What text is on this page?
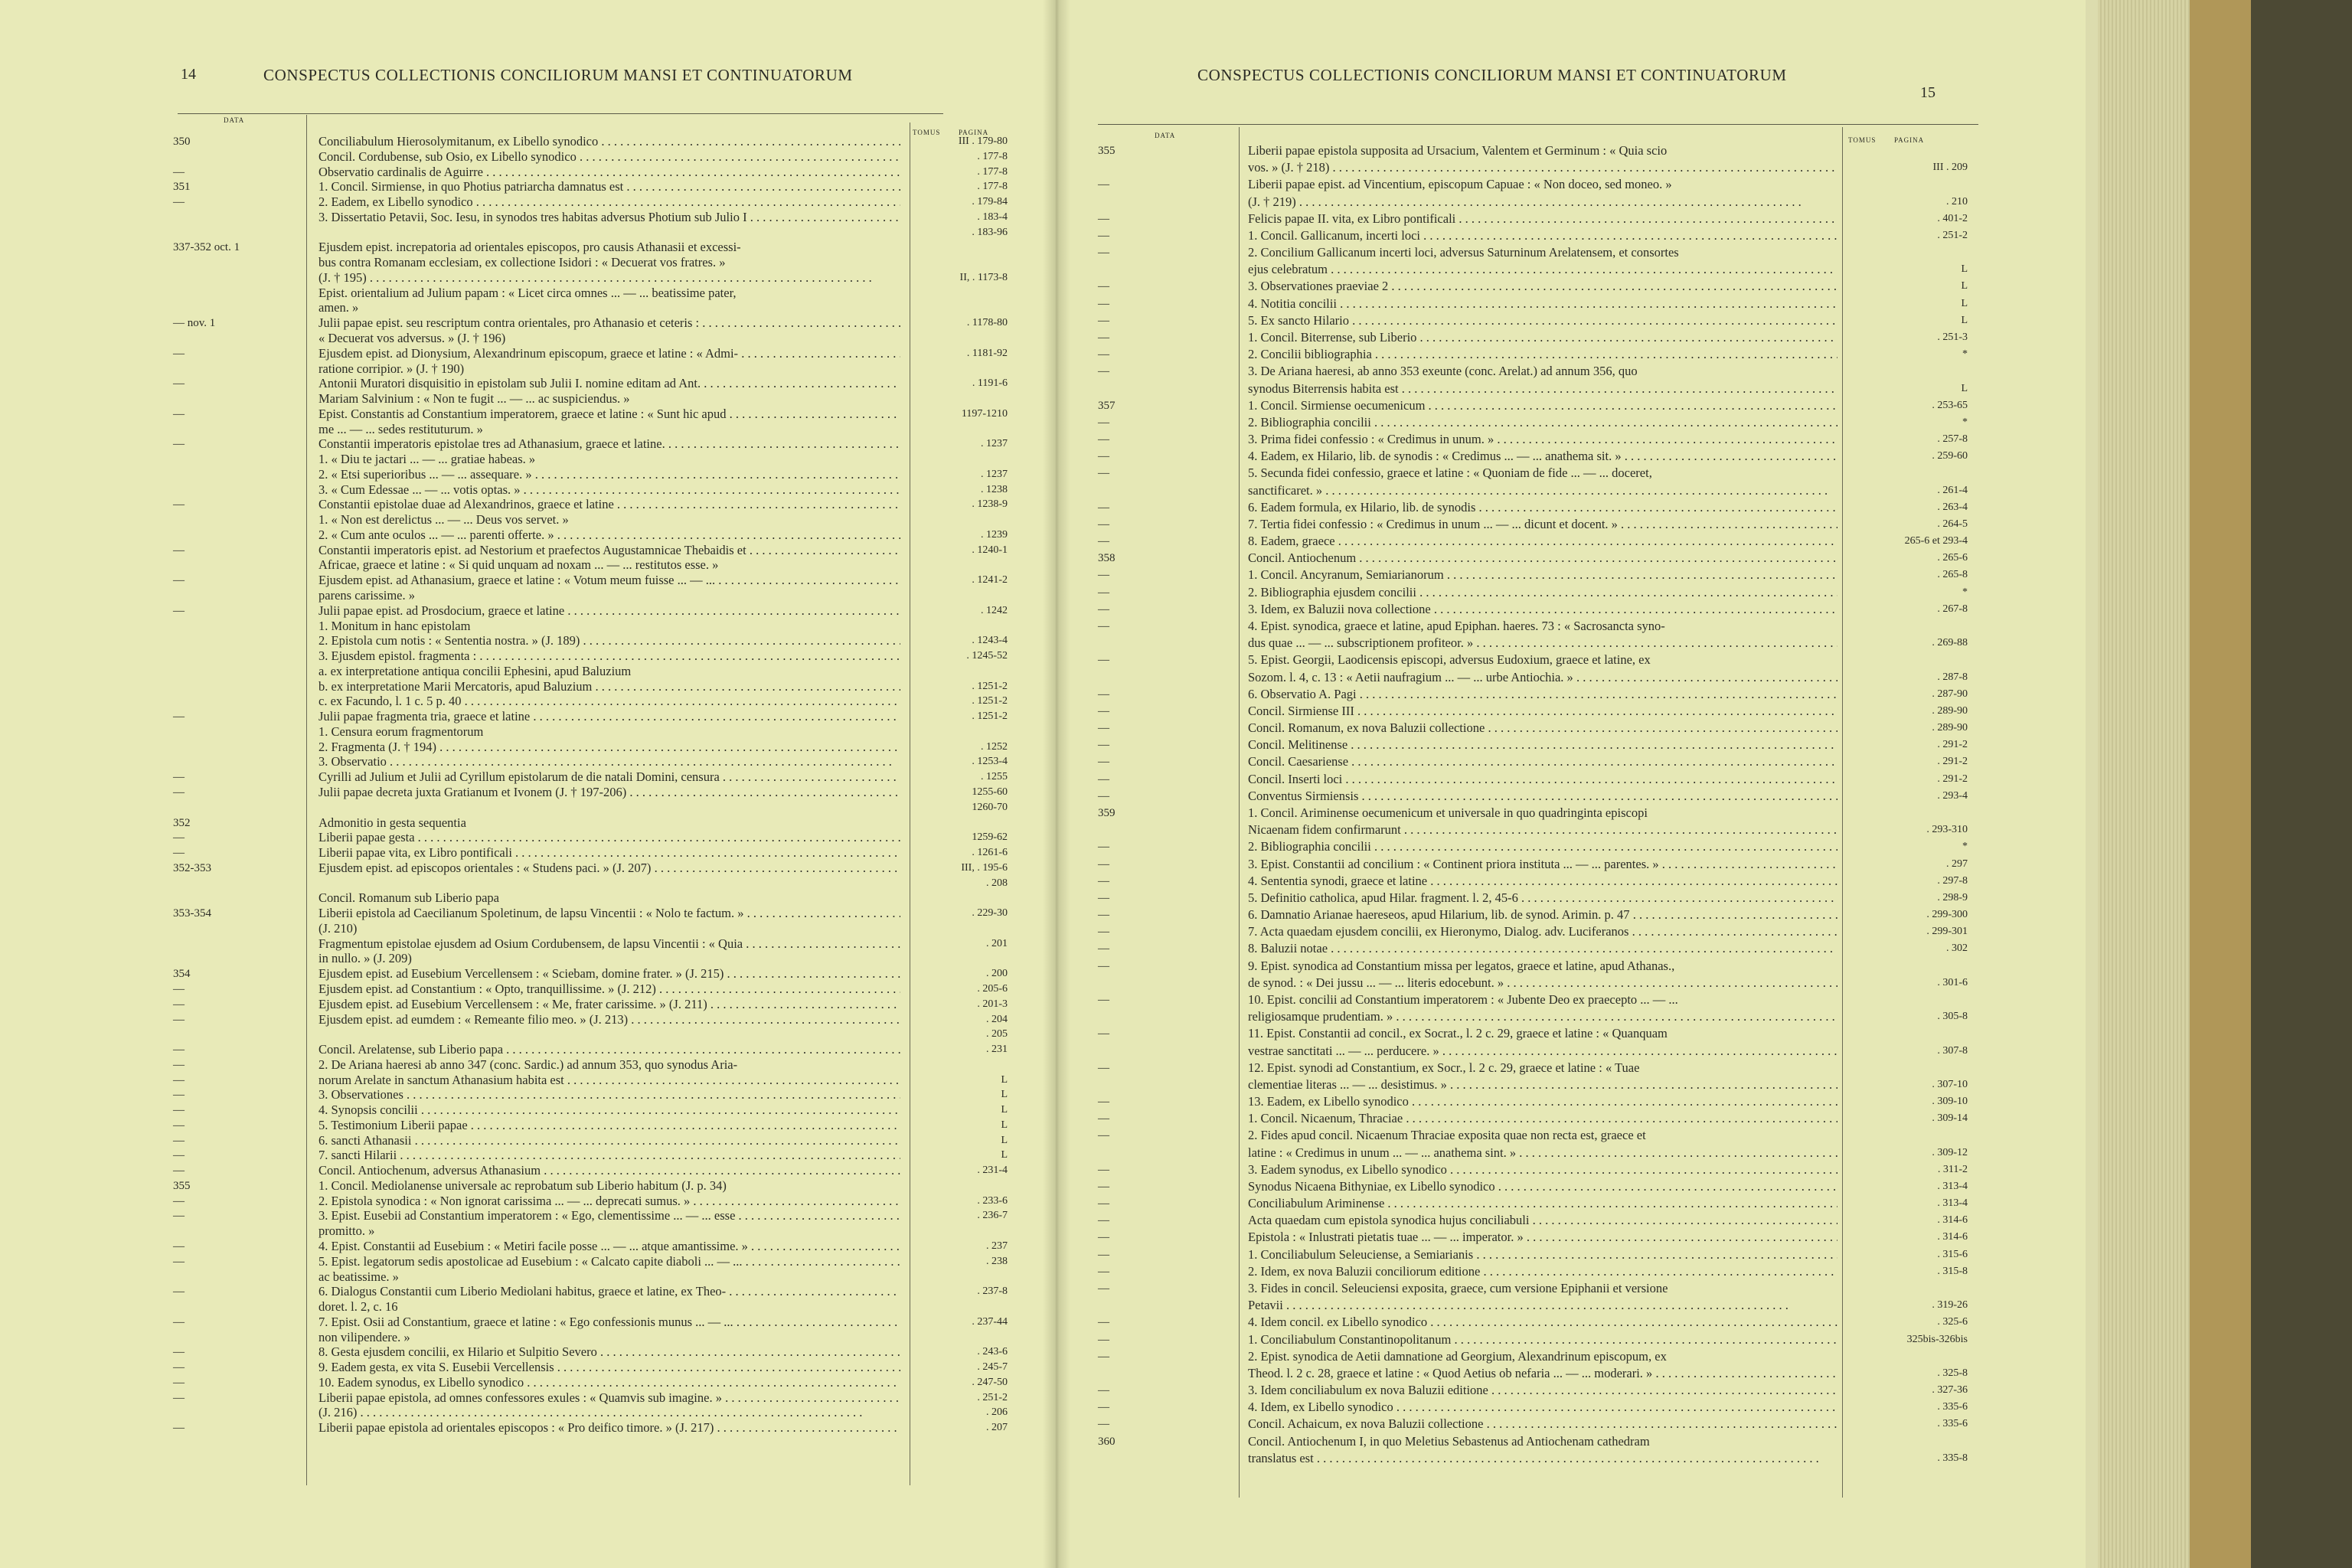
14	CONSPECTUS COLLECTIONIS CONCILIORUM MANSI ET CONTINUATORUM
DATA
TOMUS	PAGINA
350	Conciliabulum Hierosolymitanum, ex Libello synodico . . .	III . 179-80
Concil. Cordubense, sub Osio, ex Libello synodico . . .	. 177-8
—	Observatio cardinalis de Aguirre . . .	. 177-8
351	1. Concil. Sirmiense, in quo Photius patriarcha damnatus est . . .	. 177-8
—	2. Eadem, ex Libello synodico . . .	. 179-84
3. Dissertatio Petavii, Soc. Iesu, in synodos tres habitas adversus Photium sub Julio I . . .	. 183-4
. 183-96
337-352 oct. 1	Ejusdem epist. increpatoria ad orientales episcopos, pro causis Athanasii et excessi-
bus contra Romanam ecclesiam, ex collectione Isidori : « Decuerat vos fratres. »
(J. † 195) . . .	II, . 1173-8
Epist. orientalium ad Julium papam : « Licet circa omnes ... — ... beatissime pater,
amen. »
— nov. 1	Julii papae epist. seu rescriptum contra orientales, pro Athanasio et ceteris : . . .	. 1178-80
« Decuerat vos adversus. » (J. † 196)
—	Ejusdem epist. ad Dionysium, Alexandrinum episcopum, graece et latine : « Admi- . . .	. 1181-92
ratione corripior. » (J. † 190)
—	Antonii Muratori disquisitio in epistolam sub Julii I. nomine editam ad Ant. . . .	. 1191-6
Mariam Salvinium : « Non te fugit ... — ... ac suspiciendus. »
—	Epist. Constantis ad Constantium imperatorem, graece et latine : « Sunt hic apud . . .	1197-1210
me ... — ... sedes restituturum. »
—	Constantii imperatoris epistolae tres ad Athanasium, graece et latine. . . .	. 1237
1. « Diu te jactari ... — ... gratiae habeas. »
2. « Etsi superioribus ... — ... assequare. » . . .	. 1237
3. « Cum Edessae ... — ... votis optas. » . . .	. 1238
—	Constantii epistolae duae ad Alexandrinos, graece et latine . . .	. 1238-9
1. « Non est derelictus ... — ... Deus vos servet. »
2. « Cum ante oculos ... — ... parenti offerte. » . . .	. 1239
—	Constantii imperatoris epist. ad Nestorium et praefectos Augustamnicae Thebaidis et . . .	. 1240-1
Africae, graece et latine : « Si quid unquam ad noxam ... — ... restitutos esse. »
—	Ejusdem epist. ad Athanasium, graece et latine : « Votum meum fuisse ... — ... . . .	. 1241-2
parens carissime. »
—	Julii papae epist. ad Prosdocium, graece et latine . . .	. 1242
1. Monitum in hanc epistolam
2. Epistola cum notis : « Sententia nostra. » (J. 189) . . .	. 1243-4
3. Ejusdem epistol. fragmenta : . . .	. 1245-52
a. ex interpretatione antiqua concilii Ephesini, apud Baluzium
b. ex interpretatione Marii Mercatoris, apud Baluzium . . .	. 1251-2
c. ex Facundo, l. 1 c. 5 p. 40 . . .	. 1251-2
—	Julii papae fragmenta tria, graece et latine . . .	. 1251-2
1. Censura eorum fragmentorum
2. Fragmenta (J. † 194) . . .	. 1252
3. Observatio . . .	. 1253-4
—	Cyrilli ad Julium et Julii ad Cyrillum epistolarum de die natali Domini, censura . . .	. 1255
—	Julii papae decreta juxta Gratianum et Ivonem (J. † 197-206) . . .	1255-60
1260-70
352	Admonitio in gesta sequentia
—	Liberii papae gesta . . .	1259-62
—	Liberii papae vita, ex Libro pontificali . . .	. 1261-6
352-353	Ejusdem epist. ad episcopos orientales : « Studens paci. » (J. 207) . . .	III, . 195-6
. 208
Concil. Romanum sub Liberio papa
353-354	Liberii epistola ad Caecilianum Spoletinum, de lapsu Vincentii : « Nolo te factum. » . . .	. 229-30
(J. 210)
Fragmentum epistolae ejusdem ad Osium Cordubensem, de lapsu Vincentii : « Quia . . .	. 201
in nullo. » (J. 209)
354	Ejusdem epist. ad Eusebium Vercellensem : « Sciebam, domine frater. » (J. 215) . . .	. 200
—	Ejusdem epist. ad Constantium : « Opto, tranquillissime. » (J. 212) . . .	. 205-6
—	Ejusdem epist. ad Eusebium Vercellensem : « Me, frater carissime. » (J. 211) . . .	. 201-3
—	Ejusdem epist. ad eumdem : « Remeante filio meo. » (J. 213) . . .	. 204
. 205
—	Concil. Arelatense, sub Liberio papa . . .	. 231
—	2. De Ariana haeresi ab anno 347 (conc. Sardic.) ad annum 353, quo synodus Aria-
—	norum Arelate in sanctum Athanasium habita est . . .	L
—	3. Observationes . . .	L
—	4. Synopsis concilii . . .	L
—	5. Testimonium Liberii papae . . .	L
—	6. sancti Athanasii . . .	L
—	7. sancti Hilarii . . .	L
—	Concil. Antiochenum, adversus Athanasium . . .	. 231-4
355	1. Concil. Mediolanense universale ac reprobatum sub Liberio habitum (J. p. 34)
—	2. Epistola synodica : « Non ignorat carissima ... — ... deprecati sumus. » . . .	. 233-6
—	3. Epist. Eusebii ad Constantium imperatorem : « Ego, clementissime ... — ... esse . . .	. 236-7
promitto. »
—	4. Epist. Constantii ad Eusebium : « Metiri facile posse ... — ... atque amantissime. » . . .	. 237
—	5. Epist. legatorum sedis apostolicae ad Eusebium : « Calcato capite diaboli ... — ... . . .	. 238
ac beatissime. »
—	6. Dialogus Constantii cum Liberio Mediolani habitus, graece et latine, ex Theo- . . .	. 237-8
doret. l. 2, c. 16
—	7. Epist. Osii ad Constantium, graece et latine : « Ego confessionis munus ... — ... . . .	. 237-44
non vilipendere. »
—	8. Gesta ejusdem concilii, ex Hilario et Sulpitio Severo . . .	. 243-6
—	9. Eadem gesta, ex vita S. Eusebii Vercellensis . . .	. 245-7
—	10. Eadem synodus, ex Libello synodico . . .	. 247-50
—	Liberii papae epistola, ad omnes confessores exules : « Quamvis sub imagine. » . . .	. 251-2
(J. 216) . . .	. 206
—	Liberii papae epistola ad orientales episcopos : « Pro deifico timore. » (J. 217) . . .	. 207
CONSPECTUS COLLECTIONIS CONCILIORUM MANSI ET CONTINUATORUM
15
DATA
TOMUS	PAGINA
355	Liberii papae epistola supposita ad Ursacium, Valentem et Germinum : « Quia scio
vos. » (J. † 218) . . .	III . 209
—	Liberii papae epist. ad Vincentium, episcopum Capuae : « Non doceo, sed moneo. »
(J. † 219) . . .	. 210
—	Felicis papae II. vita, ex Libro pontificali . . .	. 401-2
—	1. Concil. Gallicanum, incerti loci . . .	. 251-2
—	2. Concilium Gallicanum incerti loci, adversus Saturninum Arelatensem, et consortes
ejus celebratum . . .	L
—	3. Observationes praeviae 2 . . .	L
—	4. Notitia concilii . . .	L
—	5. Ex sancto Hilario . . .	L
—	1. Concil. Biterrense, sub Liberio . . .	. 251-3
—	2. Concilii bibliographia . . .	*
—	3. De Ariana haeresi, ab anno 353 exeunte (conc. Arelat.) ad annum 356, quo
synodus Biterrensis habita est . . .	L
357	1. Concil. Sirmiense oecumenicum . . .	. 253-65
—	2. Bibliographia concilii . . .	*
—	3. Prima fidei confessio : « Credimus in unum. » . . .	. 257-8
—	4. Eadem, ex Hilario, lib. de synodis : « Credimus ... — ... anathema sit. » . . .	. 259-60
—	5. Secunda fidei confessio, graece et latine : « Quoniam de fide ... — ... doceret,
sanctificaret. » . . .	. 261-4
—	6. Eadem formula, ex Hilario, lib. de synodis . . .	. 263-4
—	7. Tertia fidei confessio : « Credimus in unum ... — ... dicunt et docent. » . . .	. 264-5
—	8. Eadem, graece . . .	265-6 et 293-4
358	Concil. Antiochenum . . .	. 265-6
—	1. Concil. Ancyranum, Semiarianorum . . .	. 265-8
—	2. Bibliographia ejusdem concilii . . .	*
—	3. Idem, ex Baluzii nova collectione . . .	. 267-8
—	4. Epist. synodica, graece et latine, apud Epiphan. haeres. 73 : « Sacrosancta syno-
dus quae ... — ... subscriptionem profiteor. » . . .	. 269-88
—	5. Epist. Georgii, Laodicensis episcopi, adversus Eudoxium, graece et latine, ex
Sozom. l. 4, c. 13 : « Aetii naufragium ... — ... urbe Antiochia. » . . .	. 287-8
—	6. Observatio A. Pagi . . .	. 287-90
—	Concil. Sirmiense III . . .	. 289-90
—	Concil. Romanum, ex nova Baluzii collectione . . .	. 289-90
—	Concil. Melitinense . . .	. 291-2
—	Concil. Caesariense . . .	. 291-2
—	Concil. Inserti loci . . .	. 291-2
—	Conventus Sirmiensis . . .	. 293-4
359	1. Concil. Ariminense oecumenicum et universale in quo quadringinta episcopi
Nicaenam fidem confirmarunt . . .	. 293-310
—	2. Bibliographia concilii . . .	*
—	3. Epist. Constantii ad concilium : « Continent priora instituta ... — ... parentes. » . . .	. 297
—	4. Sententia synodi, graece et latine . . .	. 297-8
—	5. Definitio catholica, apud Hilar. fragment. l. 2, 45-6 . . .	. 298-9
—	6. Damnatio Arianae haereseos, apud Hilarium, lib. de synod. Arimin. p. 47 . . .	. 299-300
—	7. Acta quaedam ejusdem concilii, ex Hieronymo, Dialog. adv. Luciferanos . . .	. 299-301
—	8. Baluzii notae . . .	. 302
—	9. Epist. synodica ad Constantium missa per legatos, graece et latine, apud Athanas.,
de synod. : « Dei jussu ... — ... literis edocebunt. » . . .	. 301-6
—	10. Epist. concilii ad Constantium imperatorem : « Jubente Deo ex praecepto ... — ...
religiosamque prudentiam. » . . .	. 305-8
—	11. Epist. Constantii ad concil., ex Socrat., l. 2 c. 29, graece et latine : « Quanquam
vestrae sanctitati ... — ... perducere. » . . .	. 307-8
—	12. Epist. synodi ad Constantium, ex Socr., l. 2 c. 29, graece et latine : « Tuae
clementiae literas ... — ... desistimus. » . . .	. 307-10
—	13. Eadem, ex Libello synodico . . .	. 309-10
—	1. Concil. Nicaenum, Thraciae . . .	. 309-14
—	2. Fides apud concil. Nicaenum Thraciae exposita quae non recta est, graece et
latine : « Credimus in unum ... — ... anathema sint. » . . .	. 309-12
—	3. Eadem synodus, ex Libello synodico . . .	. 311-2
—	Synodus Nicaena Bithyniae, ex Libello synodico . . .	. 313-4
—	Conciliabulum Ariminense . . .	. 313-4
—	Acta quaedam cum epistola synodica hujus conciliabuli . . .	. 314-6
—	Epistola : « Inlustrati pietatis tuae ... — ... imperator. » . . .	. 314-6
—	1. Conciliabulum Seleuciense, a Semiarianis . . .	. 315-6
—	2. Idem, ex nova Baluzii conciliorum editione . . .	. 315-8
—	3. Fides in concil. Seleuciensi exposita, graece, cum versione Epiphanii et versione
Petavii . . .	. 319-26
—	4. Idem concil. ex Libello synodico . . .	. 325-6
—	1. Conciliabulum Constantinopolitanum . . .	325bis-326bis
—	2. Epist. synodica de Aetii damnatione ad Georgium, Alexandrinum episcopum, ex
Theod. l. 2 c. 28, graece et latine : « Quod Aetius ob nefaria ... — ... moderari. » . . .	. 325-8
—	3. Idem conciliabulum ex nova Baluzii editione . . .	. 327-36
—	4. Idem, ex Libello synodico . . .	. 335-6
—	Concil. Achaicum, ex nova Baluzii collectione . . .	. 335-6
360	Concil. Antiochenum I, in quo Meletius Sebastenus ad Antiochenam cathedram
translatus est . . .	. 335-8
